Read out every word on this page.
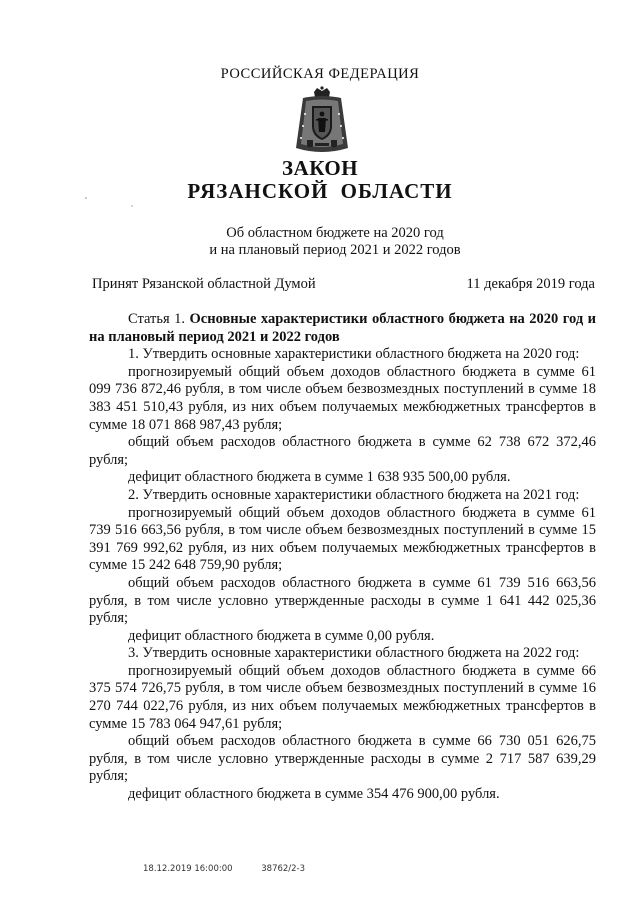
РОССИЙСКАЯ ФЕДЕРАЦИЯ
ЗАКОН
РЯЗАНСКОЙ ОБЛАСТИ
Об областном бюджете на 2020 год
и на плановый период 2021 и 2022 годов
Принят Рязанской областной Думой	11 декабря 2019 года

Статья 1. Основные характеристики областного бюджета на 2020 год и на плановый период 2021 и 2022 годов

1. Утвердить основные характеристики областного бюджета на 2020 год:

прогнозируемый общий объем доходов областного бюджета в сумме 61 099 736 872,46 рубля, в том числе объем безвозмездных поступлений в сумме 18 383 451 510,43 рубля, из них объем получаемых межбюджетных трансфертов в сумме 18 071 868 987,43 рубля;

общий объем расходов областного бюджета в сумме 62 738 672 372,46 рубля;

дефицит областного бюджета в сумме 1 638 935 500,00 рубля.

2. Утвердить основные характеристики областного бюджета на 2021 год:

прогнозируемый общий объем доходов областного бюджета в сумме 61 739 516 663,56 рубля, в том числе объем безвозмездных поступлений в сумме 15 391 769 992,62 рубля, из них объем получаемых межбюджетных трансфертов в сумме 15 242 648 759,90 рубля;

общий объем расходов областного бюджета в сумме 61 739 516 663,56 рубля, в том числе условно утвержденные расходы в сумме 1 641 442 025,36 рубля;

дефицит областного бюджета в сумме 0,00 рубля.

3. Утвердить основные характеристики областного бюджета на 2022 год:

прогнозируемый общий объем доходов областного бюджета в сумме 66 375 574 726,75 рубля, в том числе объем безвозмездных поступлений в сумме 16 270 744 022,76 рубля, из них объем получаемых межбюджетных трансфертов в сумме 15 783 064 947,61 рубля;

общий объем расходов областного бюджета в сумме 66 730 051 626,75 рубля, в том числе условно утвержденные расходы в сумме 2 717 587 639,29 рубля;

дефицит областного бюджета в сумме 354 476 900,00 рубля.

18.12.2019 16:00:00	38762/2-3
